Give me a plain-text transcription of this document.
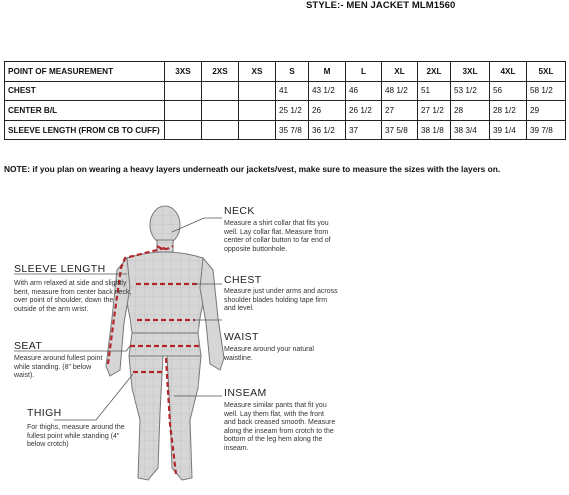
STYLE:- MEN JACKET MLM1560
POINT OF MEASUREMENT	3XS	2XS	XS	S	M	L	XL	2XL	3XL	4XL	5XL
CHEST				41	43 1/2	46	48 1/2	51	53 1/2	56	58 1/2
CENTER B/L				25 1/2	26	26 1/2	27	27 1/2	28	28 1/2	29
SLEEVE LENGTH (FROM CB TO CUFF)				35 7/8	36 1/2	37	37 5/8	38 1/8	38 3/4	39 1/4	39 7/8
NOTE: if you plan on wearing a heavy layers underneath our jackets/vest, make sure to measure the sizes with the layers on.
NECK
Measure a shirt collar that fits you well. Lay collar flat. Measure from center of collar button to far end of opposite buttonhole.
CHEST
Measure just under arms and across shoulder blades holding tape firm and level.
WAIST
Measure around your natural waistline.
INSEAM
Measure similar pants that fit you well. Lay them flat, with the front and back creased smooth. Measure along the inseam from crotch to the bottom of the leg hem along the inseam.
SLEEVE LENGTH
With arm relaxed at side and slightly bent, measure from center back neck, over point of shoulder, down the outside of the arm wrist.
SEAT
Measure around fullest point while standing. (8" below waist).
THIGH
For thighs, measure around the fullest point while standing (4" below crotch)
